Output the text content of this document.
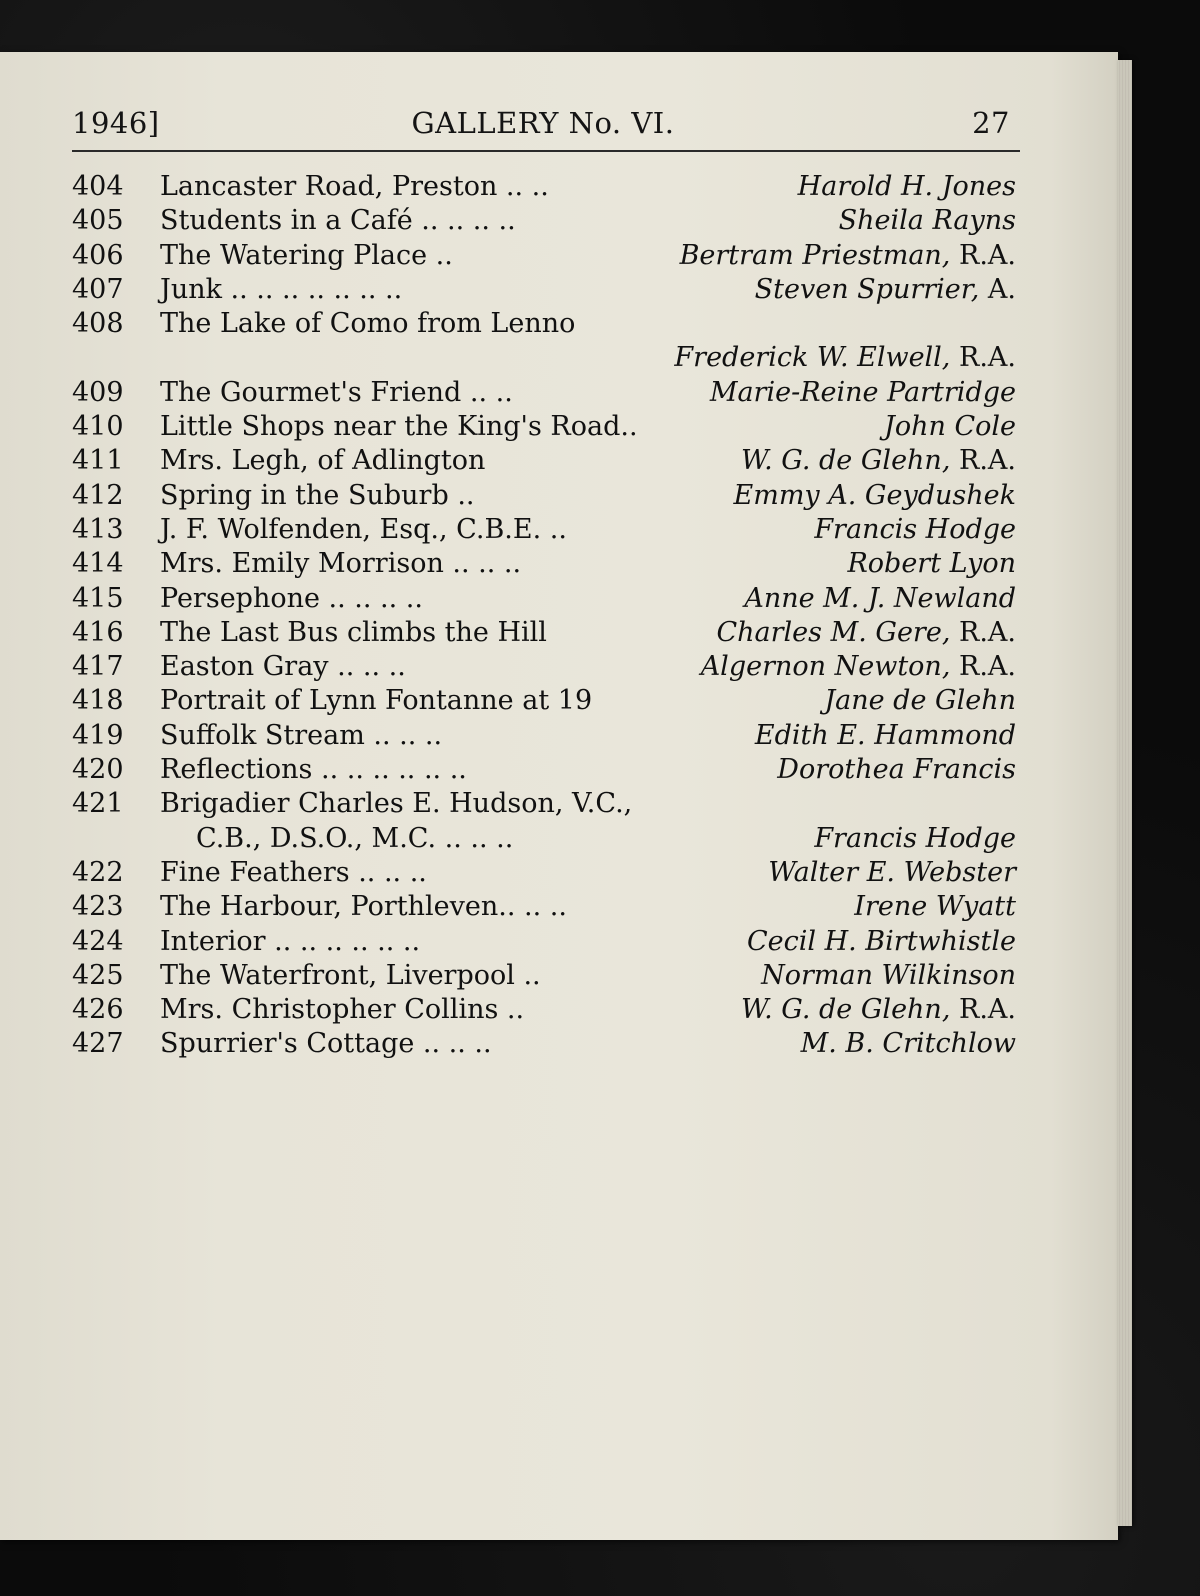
1946]	GALLERY No. VI.	27
404	Lancaster Road, Preston .. ..	Harold H. Jones
405	Students in a Café .. .. .. ..	Sheila Rayns
406	The Watering Place ..	Bertram Priestman, R.A.
407	Junk .. .. .. .. .. .. ..	Steven Spurrier, A.
408	The Lake of Como from Lenno
Frederick W. Elwell, R.A.
409	The Gourmet's Friend .. ..	Marie-Reine Partridge
410	Little Shops near the King's Road..	John Cole
411	Mrs. Legh, of Adlington	W. G. de Glehn, R.A.
412	Spring in the Suburb ..	Emmy A. Geydushek
413	J. F. Wolfenden, Esq., C.B.E. ..	Francis Hodge
414	Mrs. Emily Morrison .. .. ..	Robert Lyon
415	Persephone .. .. .. ..	Anne M. J. Newland
416	The Last Bus climbs the Hill	Charles M. Gere, R.A.
417	Easton Gray .. .. ..	Algernon Newton, R.A.
418	Portrait of Lynn Fontanne at 19	Jane de Glehn
419	Suffolk Stream .. .. ..	Edith E. Hammond
420	Reflections .. .. .. .. .. ..	Dorothea Francis
421	Brigadier Charles E. Hudson, V.C.,
C.B., D.S.O., M.C. .. .. ..	Francis Hodge
422	Fine Feathers .. .. ..	Walter E. Webster
423	The Harbour, Porthleven.. .. ..	Irene Wyatt
424	Interior .. .. .. .. .. ..	Cecil H. Birtwhistle
425	The Waterfront, Liverpool ..	Norman Wilkinson
426	Mrs. Christopher Collins ..	W. G. de Glehn, R.A.
427	Spurrier's Cottage .. .. ..	M. B. Critchlow
